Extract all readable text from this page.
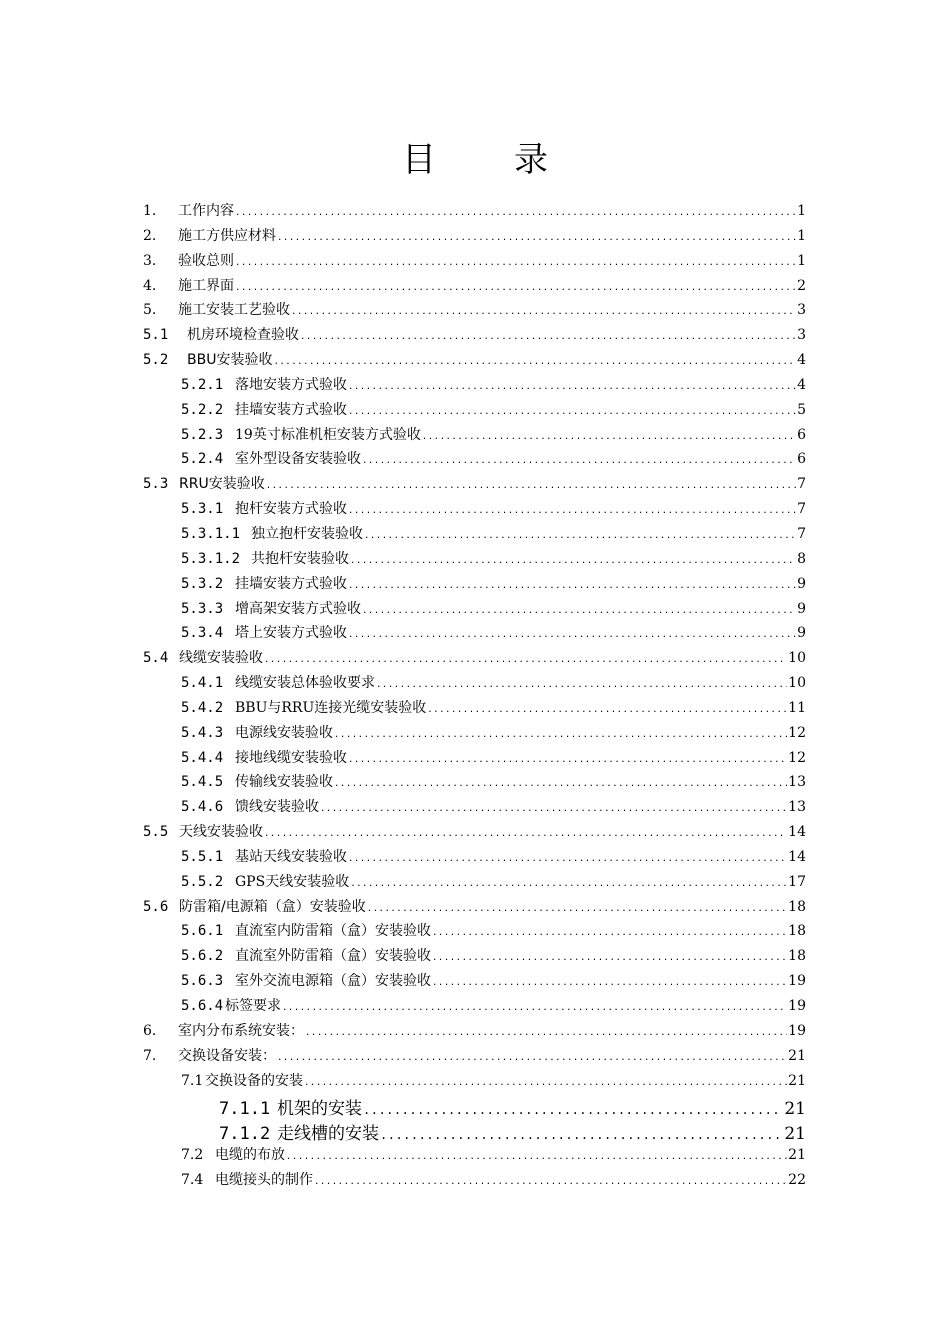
目 录
1.	工作内容 .....	1
2.	施工方供应材料 .....	1
3.	验收总则 .....	1
4.	施工界面 .....	2
5.	施工安装工艺验收 .....	3
5.1	机房环境检查验收 .....	3
5.2	BBU安装验收 .....	4
5.2.1 落地安装方式验收 .....	4
5.2.2 挂墙安装方式验收 .....	5
5.2.3 19英寸标准机柜安装方式验收 .....	6
5.2.4 室外型设备安装验收 .....	6
5.3 RRU安装验收 .....	7
5.3.1 抱杆安装方式验收 .....	7
5.3.1.1 独立抱杆安装验收 .....	7
5.3.1.2 共抱杆安装验收 .....	8
5.3.2 挂墙安装方式验收 .....	9
5.3.3 增高架安装方式验收 .....	9
5.3.4 塔上安装方式验收 .....	9
5.4 线缆安装验收 .....	10
5.4.1 线缆安装总体验收要求 .....	10
5.4.2 BBU与RRU连接光缆安装验收 .....	11
5.4.3 电源线安装验收 .....	12
5.4.4 接地线缆安装验收 .....	12
5.4.5 传输线安装验收 .....	13
5.4.6 馈线安装验收 .....	13
5.5 天线安装验收 .....	14
5.5.1 基站天线安装验收 .....	14
5.5.2 GPS天线安装验收 .....	17
5.6 防雷箱/电源箱（盒）安装验收 .....	18
5.6.1 直流室内防雷箱（盒）安装验收 .....	18
5.6.2 直流室外防雷箱（盒）安装验收 .....	18
5.6.3 室外交流电源箱（盒）安装验收 .....	19
5.6.4 标签要求 .....	19
6.	室内分布系统安装： .....	19
7.	交换设备安装： .....	21
7.1 交换设备的安装 .....	21
7.1.1 机架的安装 .....	21
7.1.2 走线槽的安装 .....	21
7.2 电缆的布放 .....	21
7.4 电缆接头的制作 .....	22
